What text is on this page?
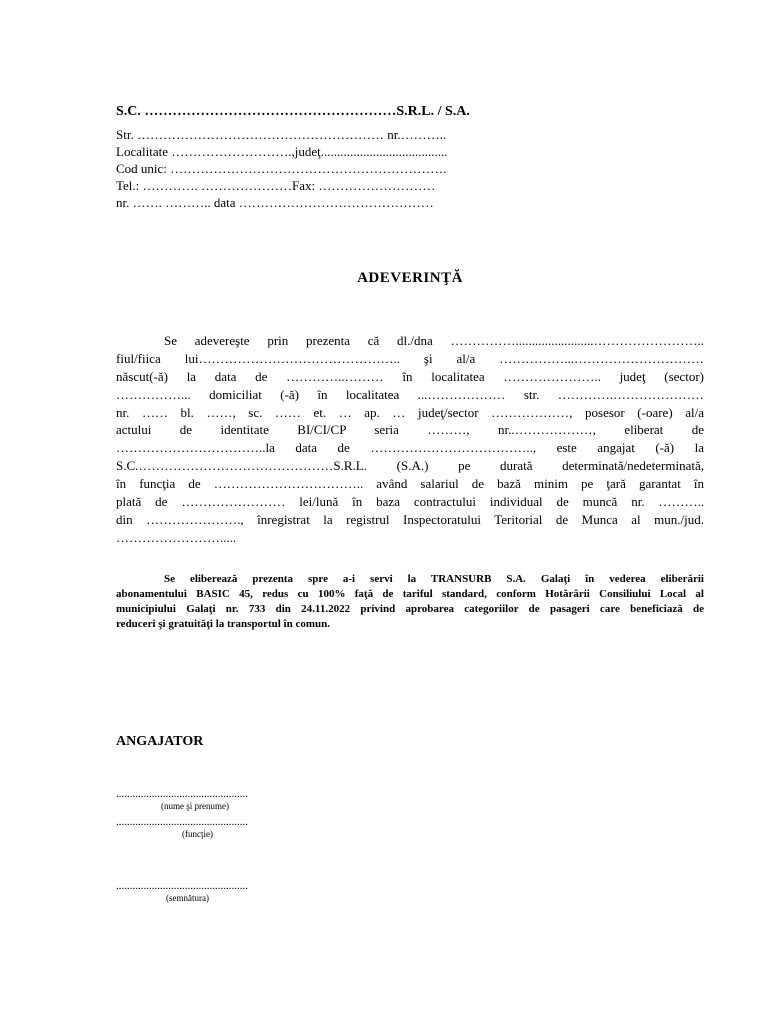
S.C. ………………………………………………S.R.L. / S.A.
Str. ………………………………………………… nr.………..
Localitate ……………………….,judeţ.......................................
Cod unic: ……………………………………………………….
Tel.: …………. …………………Fax: ………………………
nr. ……. ……….. data ………………………………………
ADEVERINŢĂ
Se adevereşte prin prezenta că dl./dna ……………........................……………………..
fiul/fiica lui……………………………………….. şi al/a ……………...…………………………
născut(-ă) la data de …………..……… în localitatea ………………….. judeţ (sector)
……………... domiciliat (-ă) în localitatea ...……………… str. ………….…………………
nr. …… bl. ……, sc. …… et. … ap. … judeţ/sector ………………, posesor (-oare) al/a
actului de identitate BI/CI/CP seria ………, nr..………………, eliberat de
……………………………..la data de ……………………………….., este angajat (-ă) la
S.C.………………………………………S.R.L. (S.A.) pe durată determinată/nedeterminată,
în funcţia de …………………………….. având salariul de bază minim pe ţară garantat în
plată de …………………… lei/lună în baza contractului individual de muncă nr. ………..
din …………………., înregistrat la registrul Inspectoratului Teritorial de Munca al mun./jud.
…………………….....
Se eliberează prezenta spre a-i servi la TRANSURB S.A. Galaţi în vederea eliberării
abonamentului BASIC 45, redus cu 100% faţă de tariful standard, conform Hotărârii Consiliului Local al
municipiului Galaţi nr. 733 din 24.11.2022 privind aprobarea categoriilor de pasageri care beneficiază de
reduceri şi gratuităţi la transportul în comun.
ANGAJATOR
................................................
(nume şi prenume)
................................................
(funcţie)
................................................
(semnătura)
